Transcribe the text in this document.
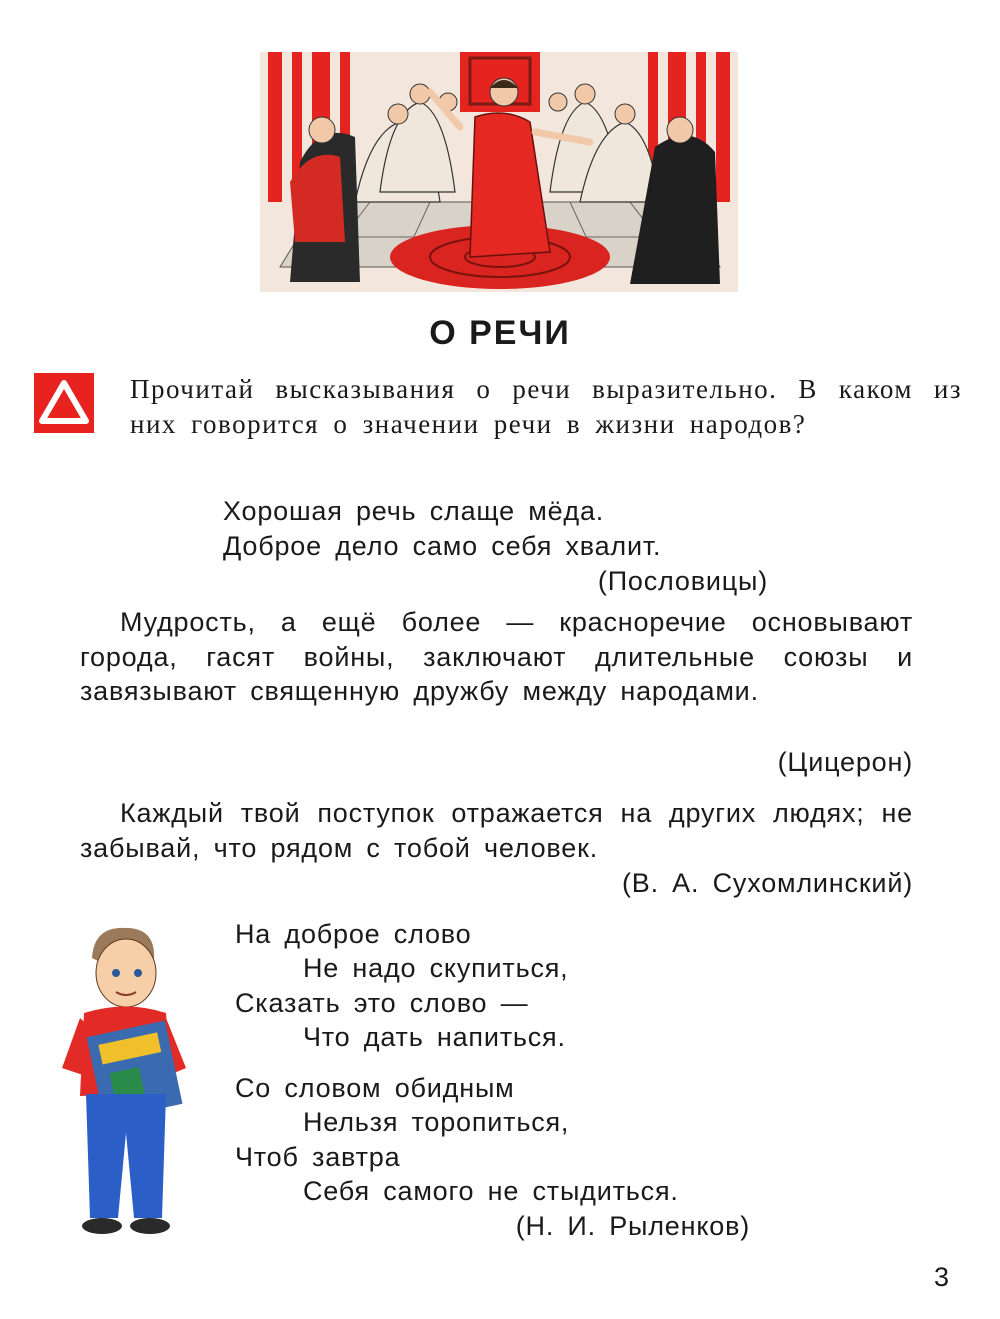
О РЕЧИ
Прочитай высказывания о речи выразительно. В каком из них говорится о значении речи в жизни народов?
Хорошая речь слаще мёда.
Доброе дело само себя хвалит.
(Пословицы)
Мудрость, а ещё более — красноречие основывают города, гасят войны, заключают длительные союзы и завязывают священную дружбу между народами.
(Цицерон)
Каждый твой поступок отражается на других людях; не забывай, что рядом с тобой человек.
(В. А. Сухомлинский)
На доброе слово
Не надо скупиться,
Сказать это слово —
Что дать напиться.
Со словом обидным
Нельзя торопиться,
Чтоб завтра
Себя самого не стыдиться.
(Н. И. Рыленков)
3
